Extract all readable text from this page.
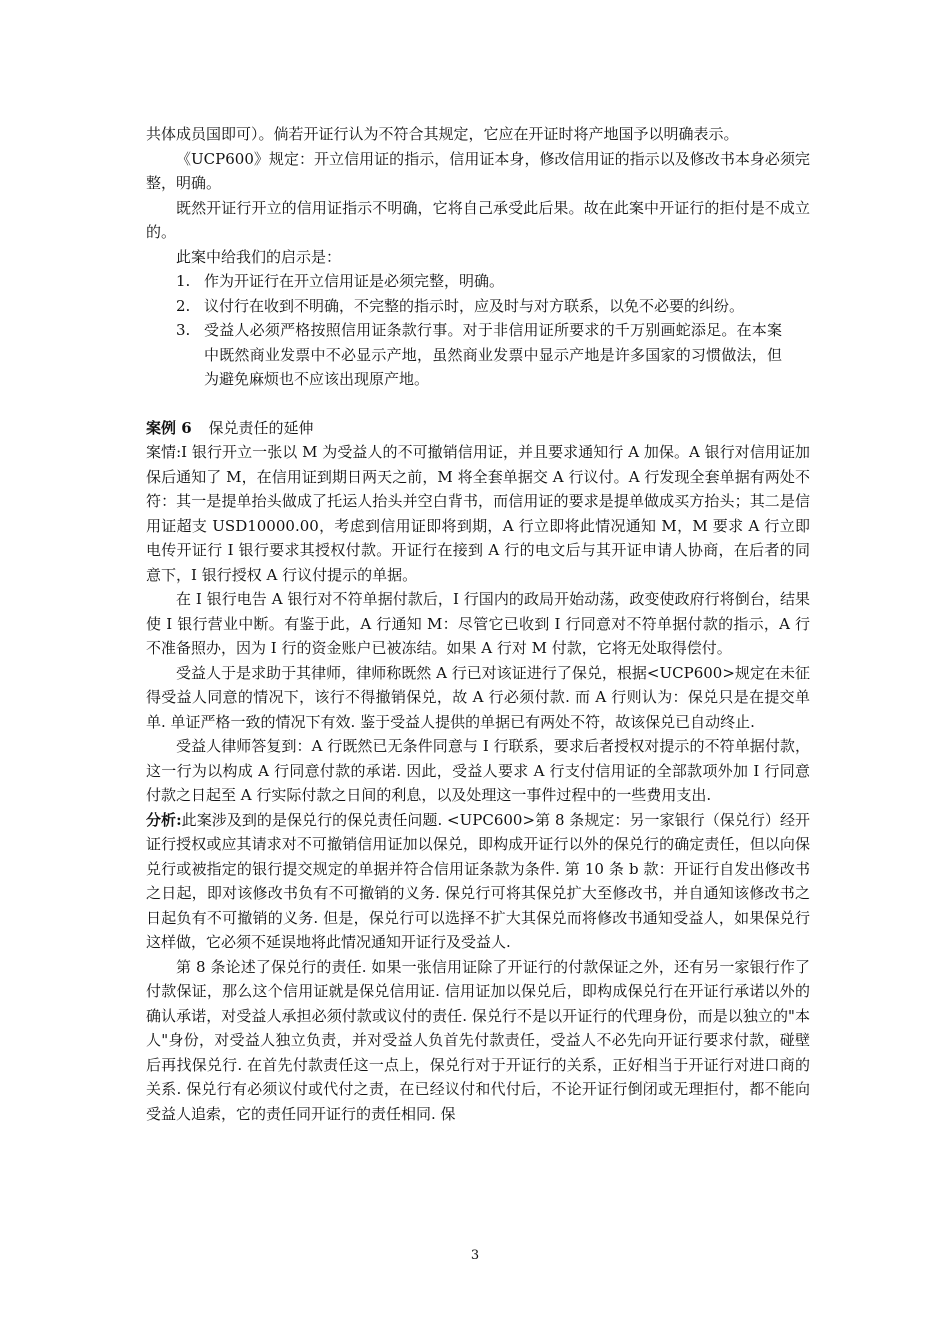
共体成员国即可）。倘若开证行认为不符合其规定，它应在开证时将产地国予以明确表示。

《UCP600》规定：开立信用证的指示，信用证本身，修改信用证的指示以及修改书本身必须完整，明确。

既然开证行开立的信用证指示不明确，它将自己承受此后果。故在此案中开证行的拒付是不成立的。

此案中给我们的启示是：

1. 作为开证行在开立信用证是必须完整，明确。
2. 议付行在收到不明确，不完整的指示时，应及时与对方联系，以免不必要的纠纷。
3. 受益人必须严格按照信用证条款行事。对于非信用证所要求的千万别画蛇添足。在本案中既然商业发票中不必显示产地，虽然商业发票中显示产地是许多国家的习惯做法，但为避免麻烦也不应该出现原产地。

案例 6 保兑责任的延伸

案情:I 银行开立一张以 M 为受益人的不可撤销信用证，并且要求通知行 A 加保。A 银行对信用证加保后通知了 M，在信用证到期日两天之前，M 将全套单据交 A 行议付。A 行发现全套单据有两处不符：其一是提单抬头做成了托运人抬头并空白背书，而信用证的要求是提单做成买方抬头；其二是信用证超支 USD10000.00，考虑到信用证即将到期，A 行立即将此情况通知 M，M 要求 A 行立即电传开证行 I 银行要求其授权付款。开证行在接到 A 行的电文后与其开证申请人协商，在后者的同意下，I 银行授权 A 行议付提示的单据。

在 I 银行电告 A 银行对不符单据付款后，I 行国内的政局开始动荡，政变使政府行将倒台，结果使 I 银行营业中断。有鉴于此，A 行通知 M：尽管它已收到 I 行同意对不符单据付款的指示，A 行不准备照办，因为 I 行的资金账户已被冻结。如果 A 行对 M 付款，它将无处取得偿付。

受益人于是求助于其律师，律师称既然 A 行已对该证进行了保兑，根据<UCP600>规定在未征得受益人同意的情况下，该行不得撤销保兑，故 A 行必须付款. 而 A 行则认为：保兑只是在提交单单. 单证严格一致的情况下有效. 鉴于受益人提供的单据已有两处不符，故该保兑已自动终止.

受益人律师答复到：A 行既然已无条件同意与 I 行联系，要求后者授权对提示的不符单据付款，这一行为以构成 A 行同意付款的承诺. 因此，受益人要求 A 行支付信用证的全部款项外加 I 行同意付款之日起至 A 行实际付款之日间的利息，以及处理这一事件过程中的一些费用支出.

分析:此案涉及到的是保兑行的保兑责任问题. <UPC600>第 8 条规定：另一家银行（保兑行）经开证行授权或应其请求对不可撤销信用证加以保兑，即构成开证行以外的保兑行的确定责任，但以向保兑行或被指定的银行提交规定的单据并符合信用证条款为条件. 第 10 条 b 款：开证行自发出修改书之日起，即对该修改书负有不可撤销的义务. 保兑行可将其保兑扩大至修改书，并自通知该修改书之日起负有不可撤销的义务. 但是，保兑行可以选择不扩大其保兑而将修改书通知受益人，如果保兑行这样做，它必须不延误地将此情况通知开证行及受益人.

第 8 条论述了保兑行的责任. 如果一张信用证除了开证行的付款保证之外，还有另一家银行作了付款保证，那么这个信用证就是保兑信用证. 信用证加以保兑后，即构成保兑行在开证行承诺以外的确认承诺，对受益人承担必须付款或议付的责任. 保兑行不是以开证行的代理身份，而是以独立的"本人"身份，对受益人独立负责，并对受益人负首先付款责任，受益人不必先向开证行要求付款，碰壁后再找保兑行. 在首先付款责任这一点上，保兑行对于开证行的关系，正好相当于开证行对进口商的关系. 保兑行有必须议付或代付之责，在已经议付和代付后，不论开证行倒闭或无理拒付，都不能向受益人追索，它的责任同开证行的责任相同. 保

3
